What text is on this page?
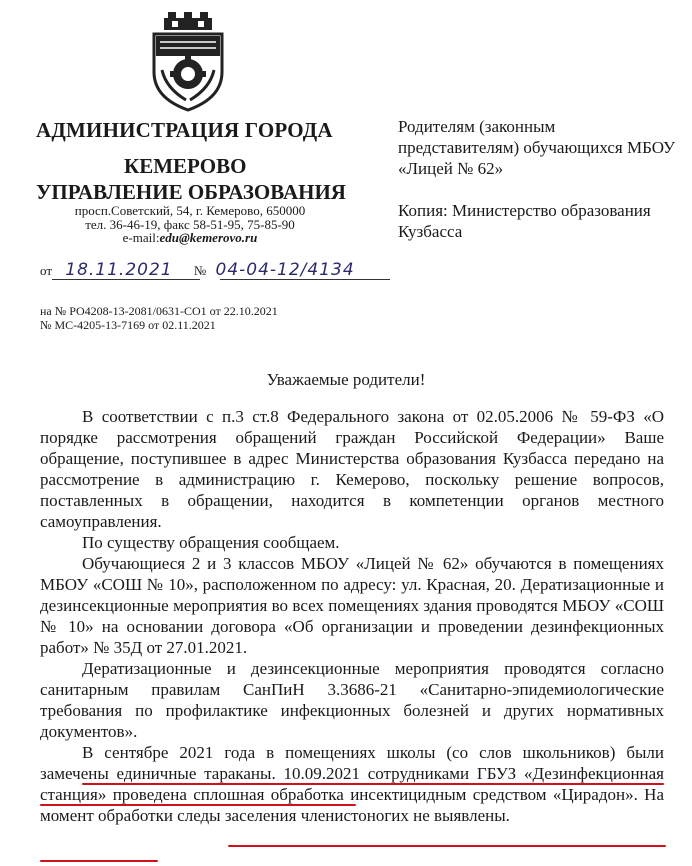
АДМИНИСТРАЦИЯ ГОРОДА
КЕМЕРОВО
УПРАВЛЕНИЕ ОБРАЗОВАНИЯ
просп.Советский, 54, г. Кемерово, 650000
тел. 36-46-19, факс 58-51-95, 75-85-90
e-mail:edu@kemerovo.ru
Родителям (законным представителям) обучающихся МБОУ «Лицей № 62»
Копия: Министерство образования Кузбасса
от 18.11.2021 № 04-04-12/4134
на № РО4208-13-2081/0631-СО1 от 22.10.2021
№ МС-4205-13-7169 от 02.11.2021
Уважаемые родители!

В соответствии с п.3 ст.8 Федерального закона от 02.05.2006 № 59-ФЗ «О порядке рассмотрения обращений граждан Российской Федерации» Ваше обращение, поступившее в адрес Министерства образования Кузбасса передано на рассмотрение в администрацию г. Кемерово, поскольку решение вопросов, поставленных в обращении, находится в компетенции органов местного самоуправления.

По существу обращения сообщаем.

Обучающиеся 2 и 3 классов МБОУ «Лицей № 62» обучаются в помещениях МБОУ «СОШ № 10», расположенном по адресу: ул. Красная, 20. Дератизационные и дезинсекционные мероприятия во всех помещениях здания проводятся МБОУ «СОШ № 10» на основании договора «Об организации и проведении дезинфекционных работ» № 35Д от 27.01.2021.

Дератизационные и дезинсекционные мероприятия проводятся согласно санитарным правилам СанПиН 3.3686-21 «Санитарно-эпидемиологические требования по профилактике инфекционных болезней и других нормативных документов».

В сентябре 2021 года в помещениях школы (со слов школьников) были замечены единичные тараканы. 10.09.2021 сотрудниками ГБУЗ «Дезинфекционная станция» проведена сплошная обработка инсектицидным средством «Цирадон». На момент обработки следы заселения членистоногих не выявлены.
